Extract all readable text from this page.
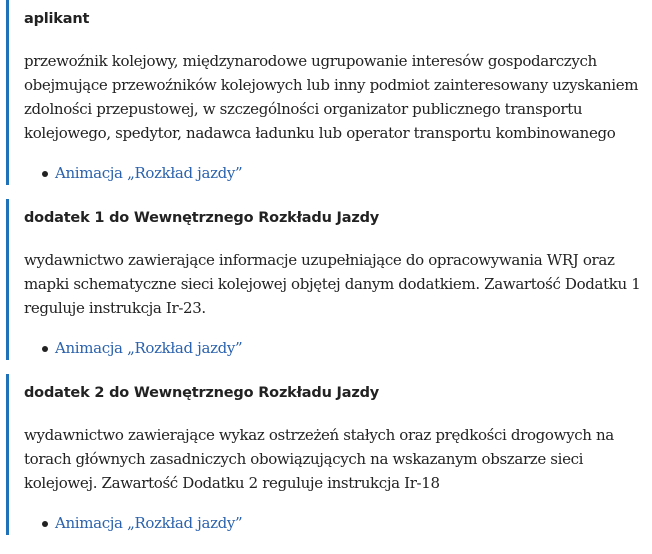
aplikant

przewoźnik kolejowy, międzynarodowe ugrupowanie interesów gospodarczych obejmujące przewoźników kolejowych lub inny podmiot zainteresowany uzyskaniem zdolności przepustowej, w szczególności organizator publicznego transportu kolejowego, spedytor, nadawca ładunku lub operator transportu kombinowanego

Animacja „Rozkład jazdy”
dodatek 1 do Wewnętrznego Rozkładu Jazdy

wydawnictwo zawierające informacje uzupełniające do opracowywania WRJ oraz mapki schematyczne sieci kolejowej objętej danym dodatkiem. Zawartość Dodatku 1 reguluje instrukcja Ir-23.

Animacja „Rozkład jazdy”
dodatek 2 do Wewnętrznego Rozkładu Jazdy

wydawnictwo zawierające wykaz ostrzeżeń stałych oraz prędkości drogowych na torach głównych zasadniczych obowiązujących na wskazanym obszarze sieci kolejowej. Zawartość Dodatku 2 reguluje instrukcja Ir-18

Animacja „Rozkład jazdy”
